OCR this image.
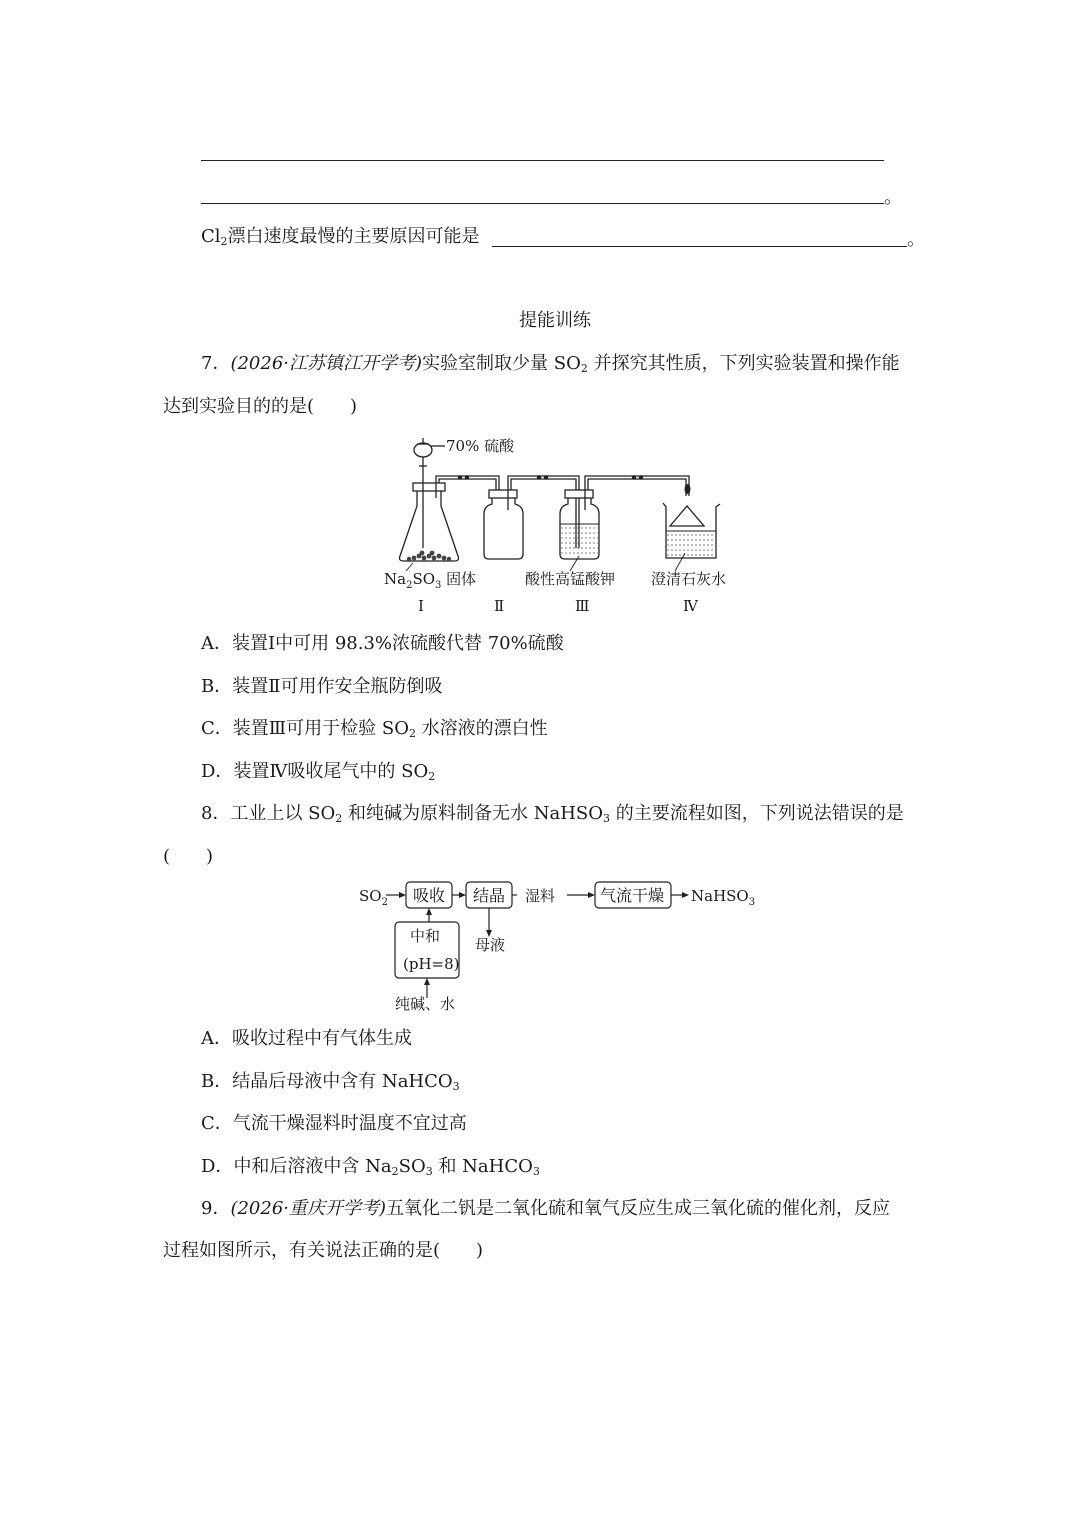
。
$Cl_2$漂白速度最慢的主要原因可能是	。
提能训练
7．(2026·江苏镇江开学考)实验室制取少量 $SO_2$ 并探究其性质，下列实验装置和操作能
达到实验目的的是(　　)
70% 硫酸
$Na_2SO_3$ 固体	酸性高锰酸钾 澄清石灰水
Ⅰ	Ⅱ	Ⅲ	Ⅳ
A．装置Ⅰ中可用 98.3%浓硫酸代替 70%硫酸
B．装置Ⅱ可用作安全瓶防倒吸
C．装置Ⅲ可用于检验 $SO_2$ 水溶液的漂白性
D．装置Ⅳ吸收尾气中的 $SO_2$
8．工业上以 $SO_2$ 和纯碱为原料制备无水 NaHSO$_3$ 的主要流程如图，下列说法错误的是
(　　)
$SO_2$ 吸收 结晶 湿料	气流干燥 NaHSO$_3$
中和
(pH=8)
母液
纯碱、水
A．吸收过程中有气体生成
B．结晶后母液中含有 NaHCO$_3$
C．气流干燥湿料时温度不宜过高
D．中和后溶液中含 $Na_2SO_3$ 和 NaHCO$_3$
9．(2026·重庆开学考)五氧化二钒是二氧化硫和氧气反应生成三氧化硫的催化剂，反应
过程如图所示，有关说法正确的是(　　)
